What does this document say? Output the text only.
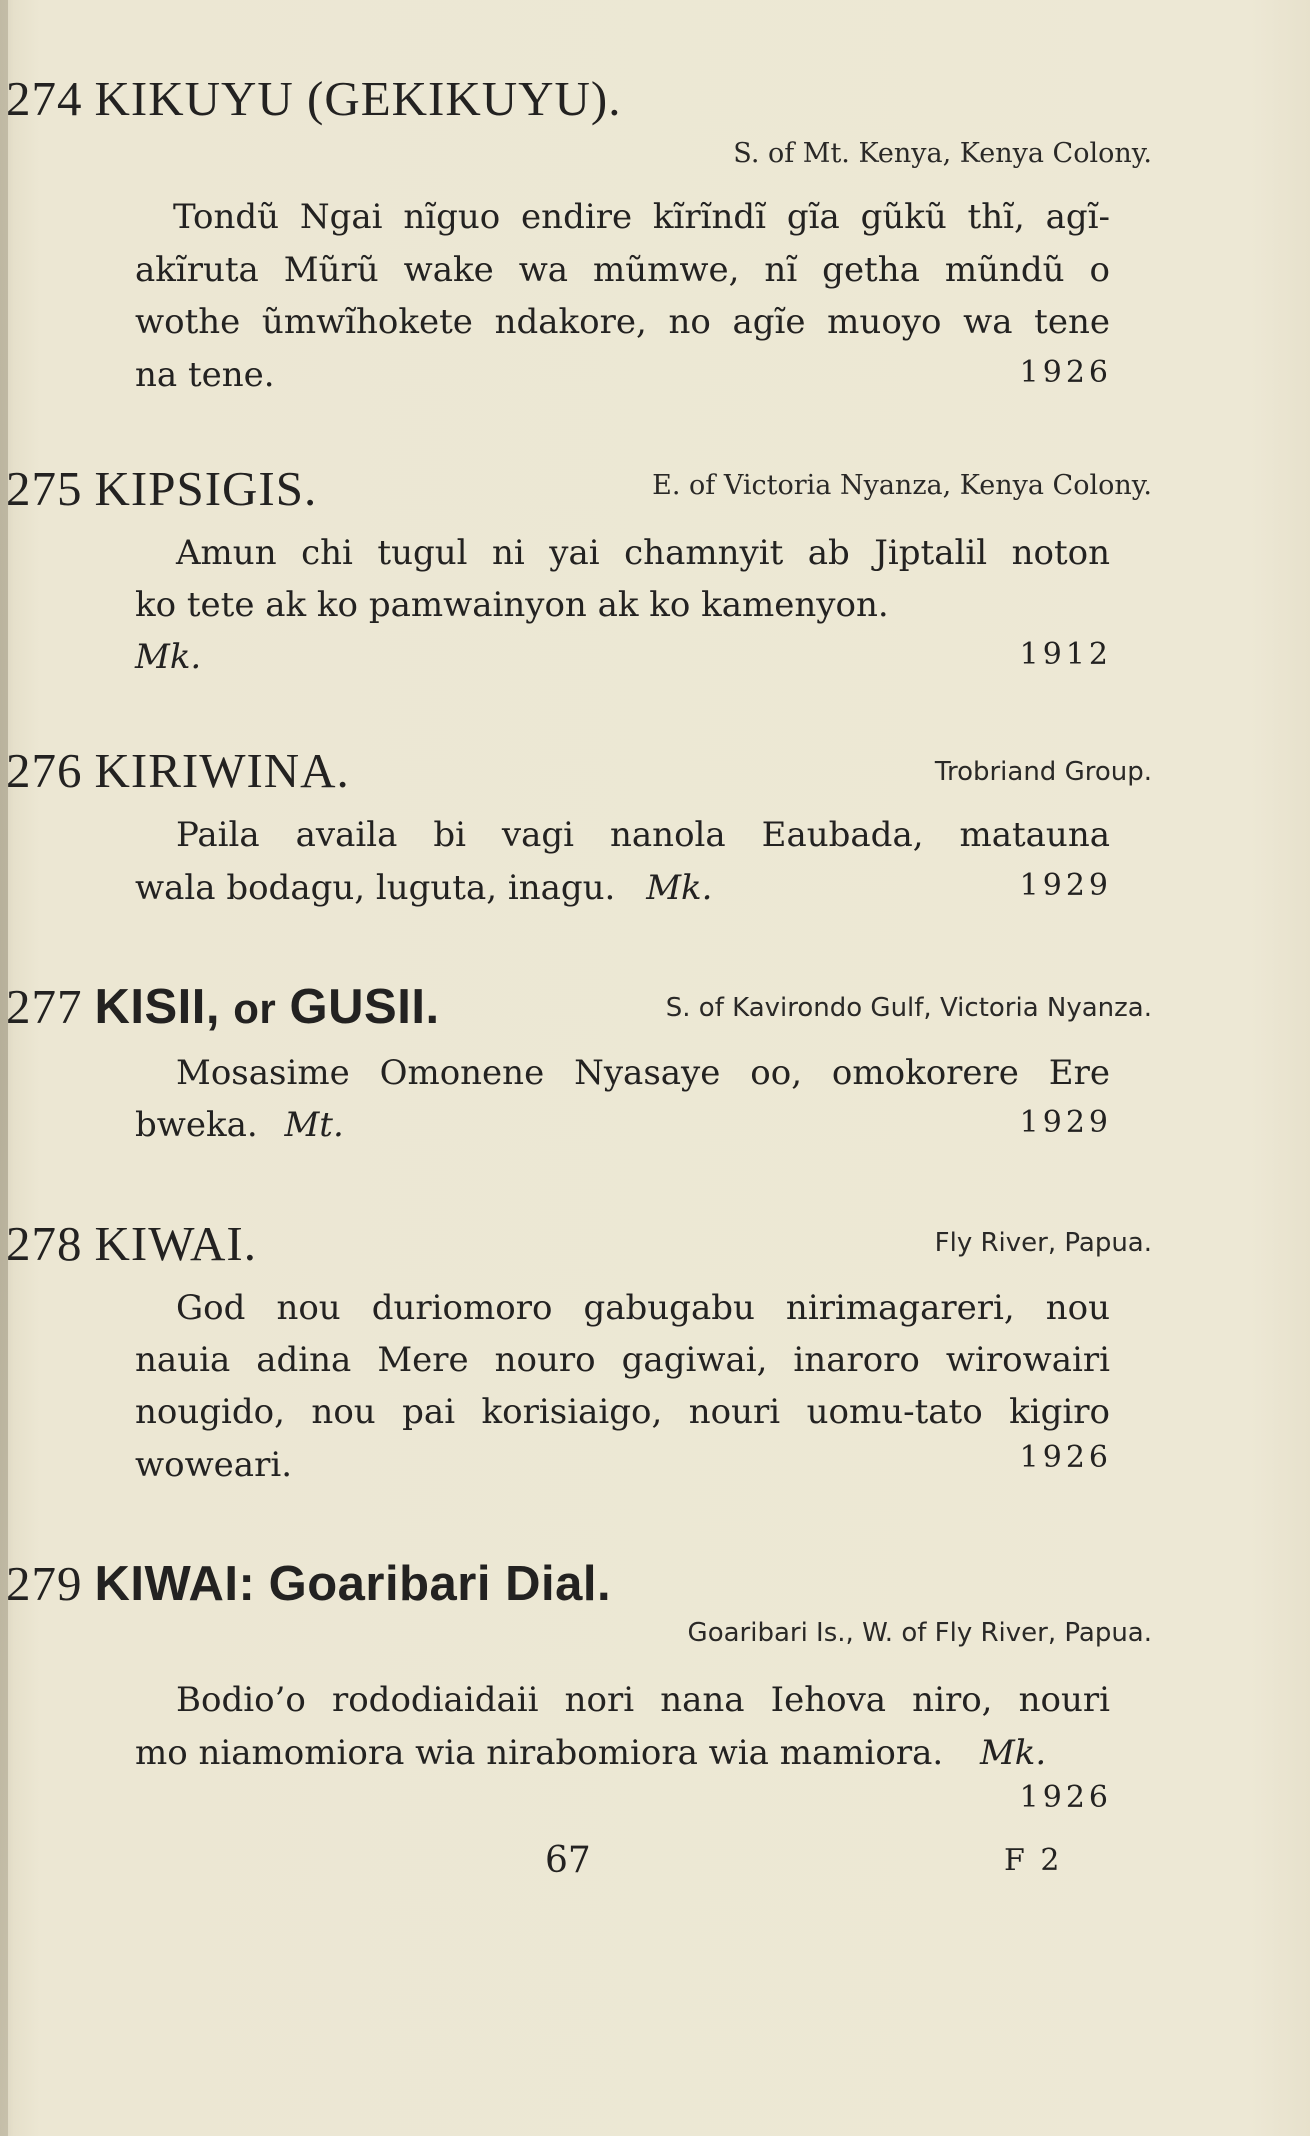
274 KIKUYU (GEKIKUYU).
S. of Mt. Kenya, Kenya Colony.
Tondũ Ngai nĩguo endire kĩrĩndĩ gĩa gũkũ thĩ, agĩ-
akĩruta Mũrũ wake wa mũmwe, nĩ getha mũndũ o
wothe ũmwĩhokete ndakore, no agĩe muoyo wa tene
na tene.	1926
275 KIPSIGIS.	E. of Victoria Nyanza, Kenya Colony.
Amun chi tugul ni yai chamnyit ab Jiptalil noton
ko tete ak ko pamwainyon ak ko kamenyon.
Mk.	1912
276 KIRIWINA.	Trobriand Group.
Paila availa bi vagi nanola Eaubada, matauna
wala bodagu, luguta, inagu. Mk.	1929
277 KISII, or GUSII.	S. of Kavirondo Gulf, Victoria Nyanza.
Mosasime Omonene Nyasaye oo, omokorere Ere
bweka. Mt.	1929
278 KIWAI.	Fly River, Papua.
God nou duriomoro gabugabu nirimagareri, nou
nauia adina Mere nouro gagiwai, inaroro wirowairi
nougido, nou pai korisiaigo, nouri uomu-tato kigiro
woweari.	1926
279 KIWAI: Goaribari Dial.
Goaribari Is., W. of Fly River, Papua.
Bodio’o rododiaidaii nori nana Iehova niro, nouri
mo niamomiora wia nirabomiora wia mamiora. Mk.
1926
67	F 2
